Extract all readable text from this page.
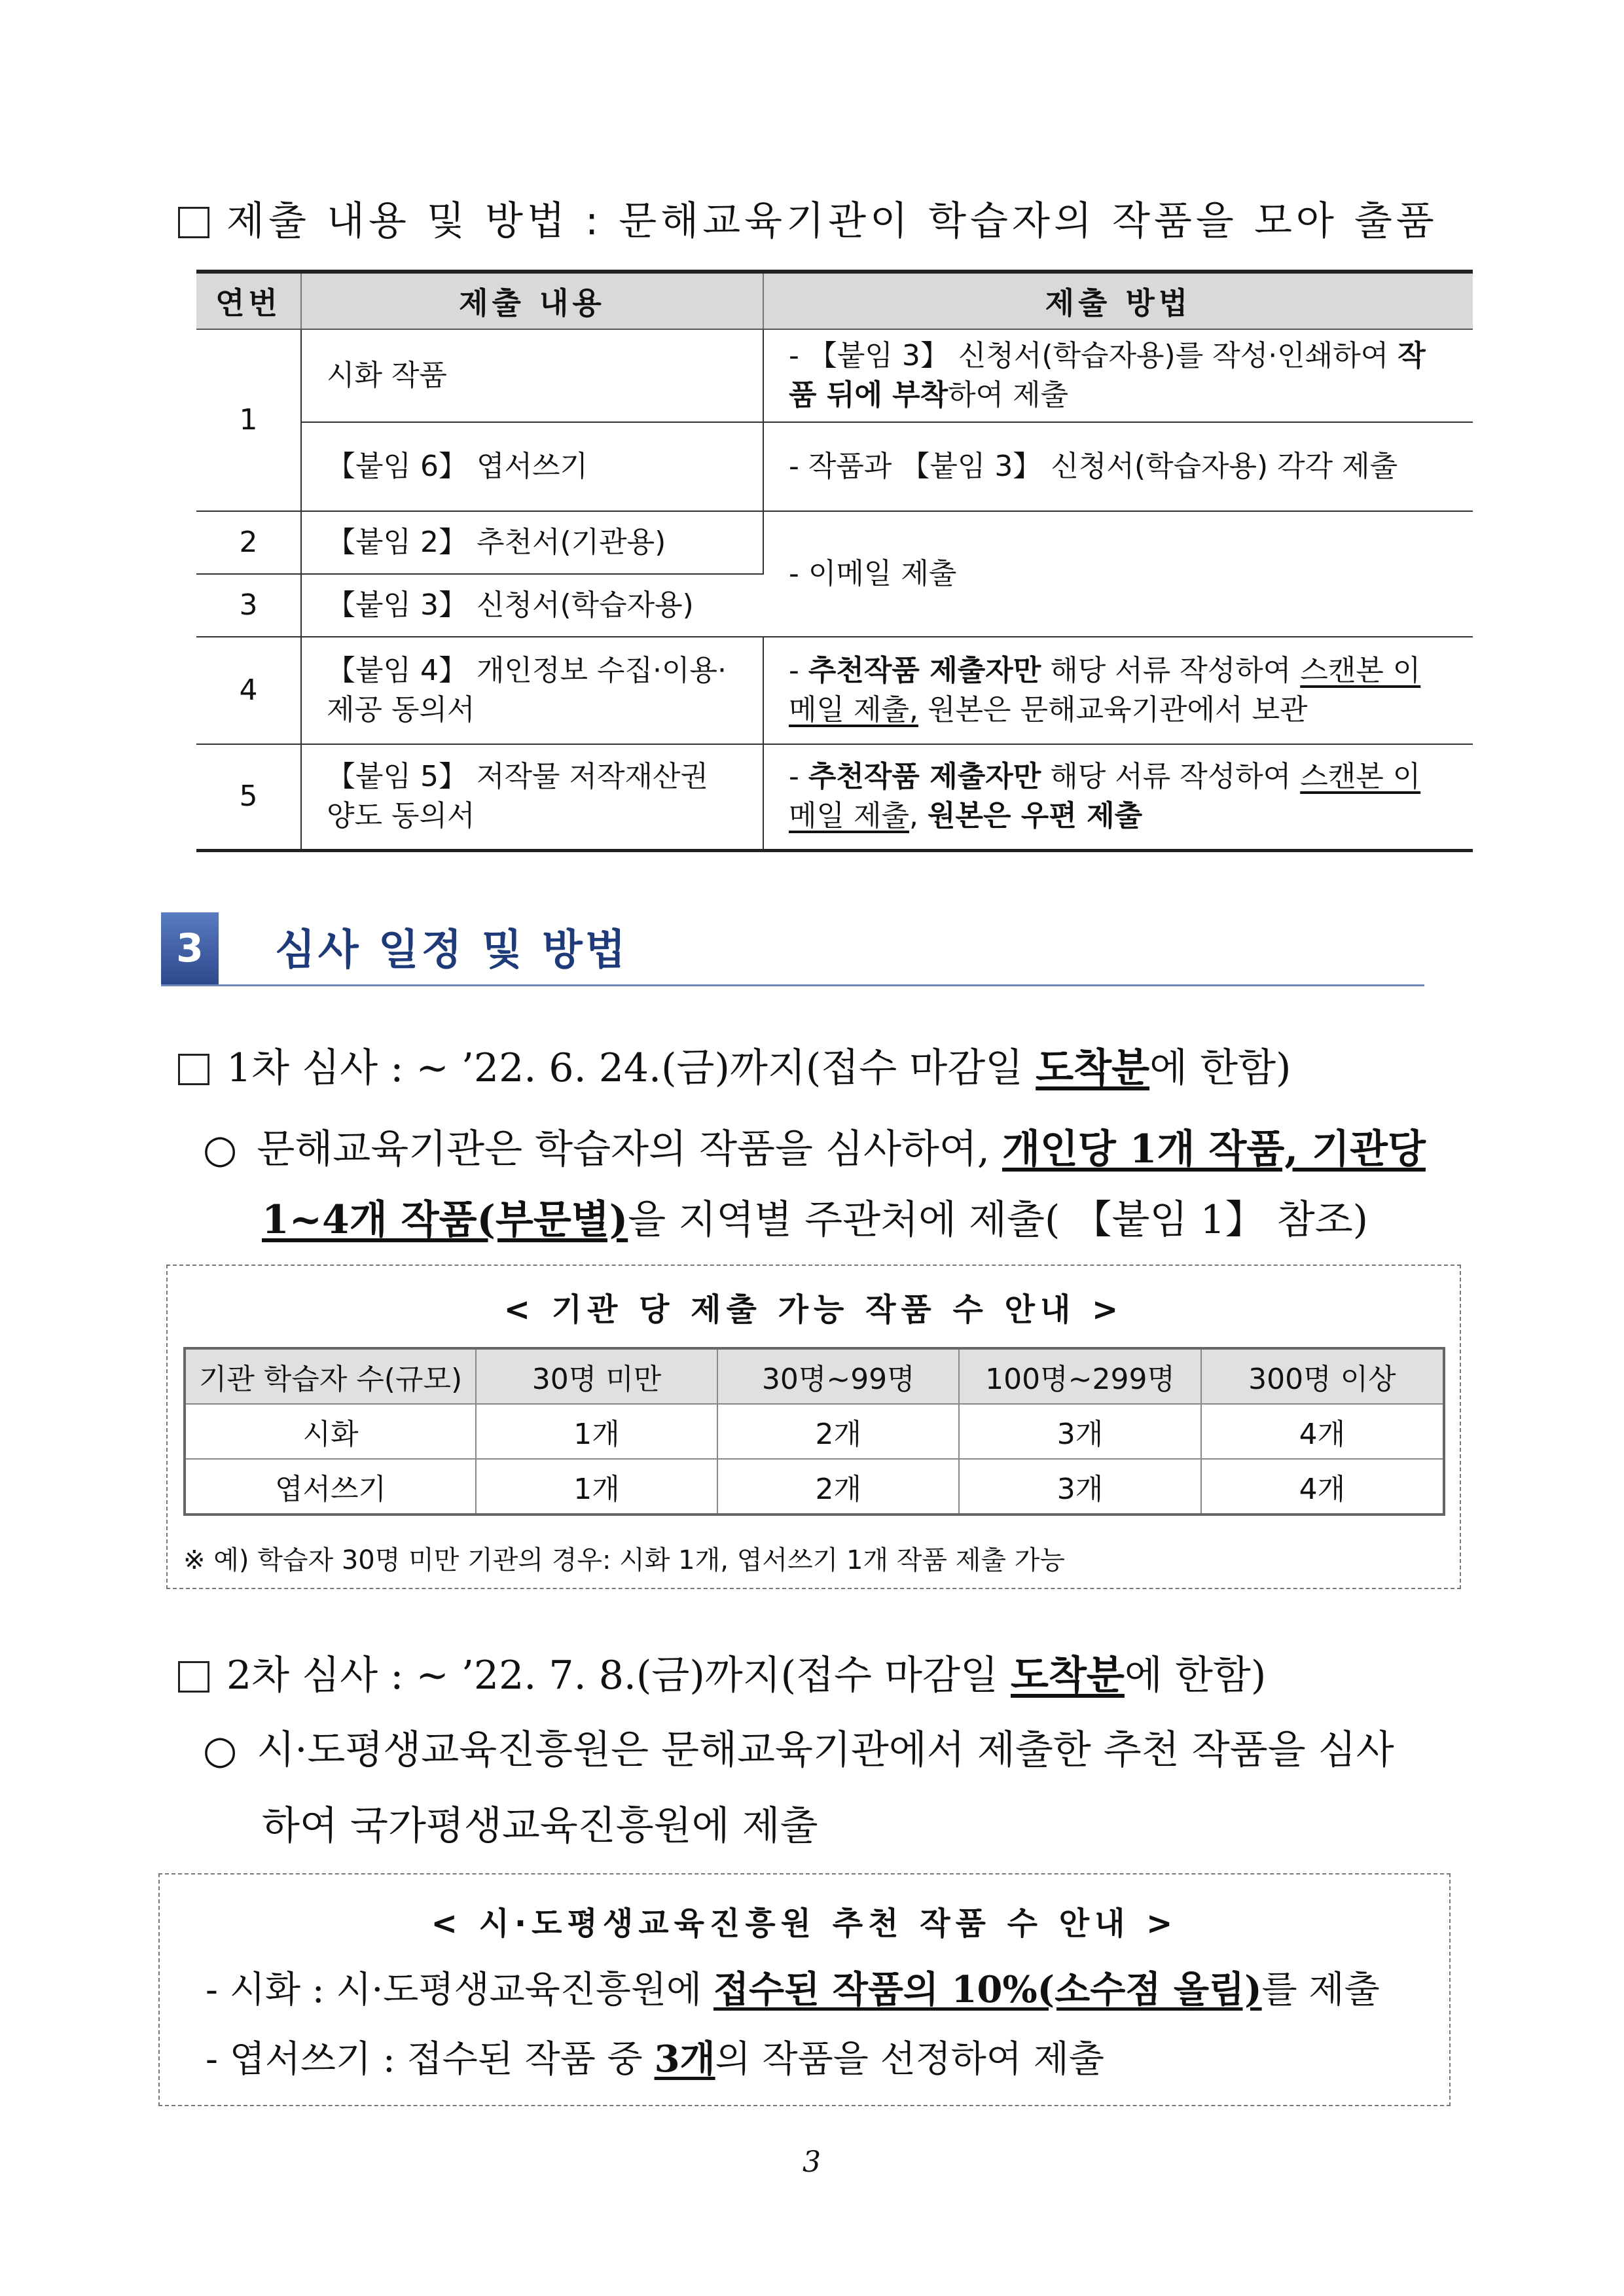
제출 내용 및 방법 : 문해교육기관이 학습자의 작품을 모아 출품
연번	제출 내용	제출 방법
1	시화 작품	- 【붙임 3】 신청서(학습자용)를 작성·인쇄하여 작품 뒤에 부착하여 제출
	【붙임 6】 엽서쓰기	- 작품과 【붙임 3】 신청서(학습자용) 각각 제출
2	【붙임 2】 추천서(기관용)	- 이메일 제출
3	【붙임 3】 신청서(학습자용)	
4	【붙임 4】 개인정보 수집·이용·제공 동의서	- 추천작품 제출자만 해당 서류 작성하여 스캔본 이메일 제출, 원본은 문해교육기관에서 보관
5	【붙임 5】 저작물 저작재산권 양도 동의서	- 추천작품 제출자만 해당 서류 작성하여 스캔본 이메일 제출, 원본은 우편 제출
3	심사 일정 및 방법
1차 심사 : ~ ’22. 6. 24.(금)까지(접수 마감일 도착분에 한함)
○ 문해교육기관은 학습자의 작품을 심사하여, 개인당 1개 작품, 기관당
1~4개 작품(부문별)을 지역별 주관처에 제출( 【붙임 1】 참조)
< 기관 당 제출 가능 작품 수 안내 >
기관 학습자 수(규모)	30명 미만	30명~99명	100명~299명	300명 이상
시화	1개	2개	3개	4개
엽서쓰기	1개	2개	3개	4개
※ 예) 학습자 30명 미만 기관의 경우: 시화 1개, 엽서쓰기 1개 작품 제출 가능
2차 심사 : ~ ’22. 7. 8.(금)까지(접수 마감일 도착분에 한함)
○ 시·도평생교육진흥원은 문해교육기관에서 제출한 추천 작품을 심사
하여 국가평생교육진흥원에 제출
< 시·도평생교육진흥원 추천 작품 수 안내 >
- 시화 : 시·도평생교육진흥원에 접수된 작품의 10%(소수점 올림)를 제출
- 엽서쓰기 : 접수된 작품 중 3개의 작품을 선정하여 제출
3
